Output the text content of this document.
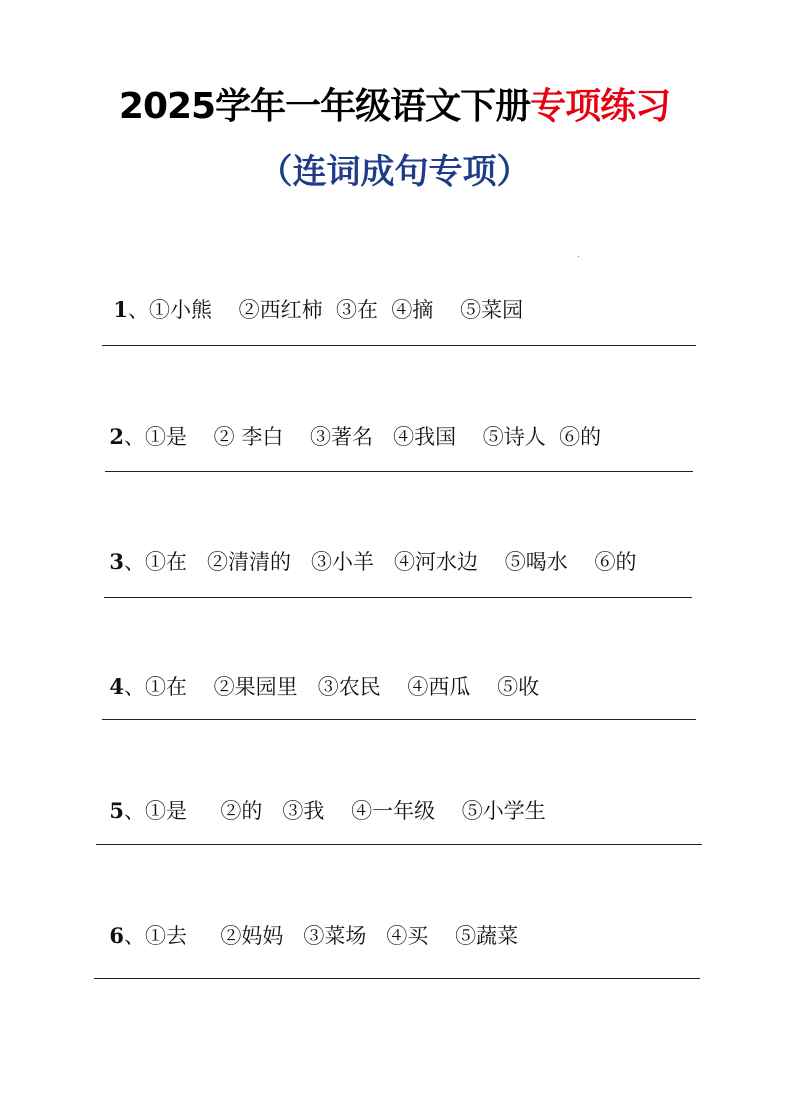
2025学年一年级语文下册专项练习
（连词成句专项）

1、①小熊    ②西红柿  ③在  ④摘    ⑤菜园

2、①是    ② 李白    ③著名   ④我国    ⑤诗人  ⑥的

3、①在   ②清清的   ③小羊   ④河水边    ⑤喝水    ⑥的

4、①在    ②果园里   ③农民    ④西瓜    ⑤收

5、①是     ②的   ③我    ④一年级    ⑤小学生

6、①去     ②妈妈   ③菜场   ④买    ⑤蔬菜
